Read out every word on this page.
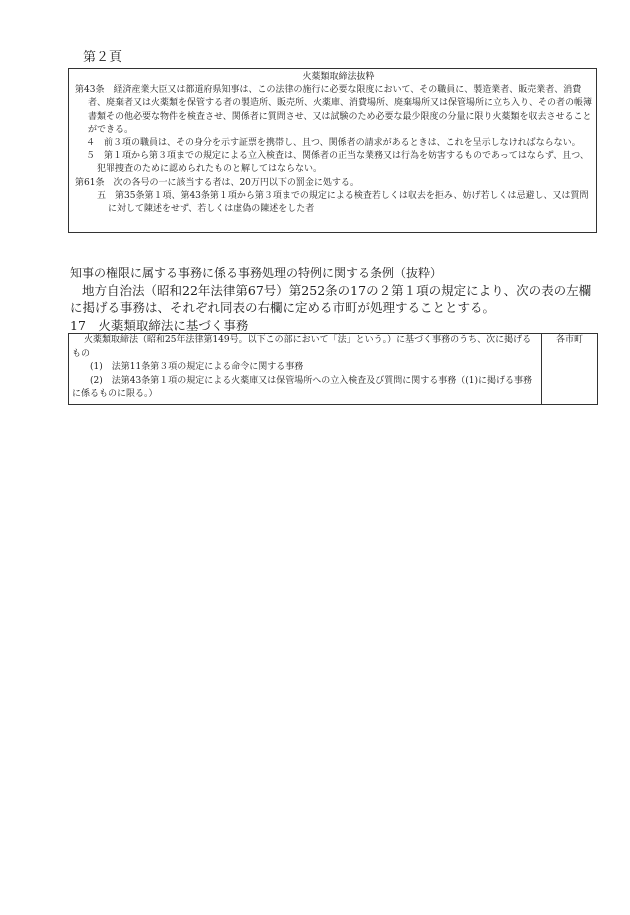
第２頁

火薬類取締法抜粋

第43条　経済産業大臣又は都道府県知事は、この法律の施行に必要な限度において、その職員に、製造業者、販売業者、消費者、廃棄者又は火薬類を保管する者の製造所、販売所、火薬庫、消費場所、廃棄場所又は保管場所に立ち入り、その者の帳簿書類その他必要な物件を検査させ、関係者に質問させ、又は試験のため必要な最少限度の分量に限り火薬類を収去させることができる。

４　前３項の職員は、その身分を示す証票を携帯し、且つ、関係者の請求があるときは、これを呈示しなければならない。

５　第１項から第３項までの規定による立入検査は、関係者の正当な業務又は行為を妨害するものであってはならず、且つ、犯罪捜査のために認められたものと解してはならない。

第61条　次の各号の一に該当する者は、20万円以下の罰金に処する。

五　第35条第１項、第43条第１項から第３項までの規定による検査若しくは収去を拒み、妨げ若しくは忌避し、又は質問に対して陳述をせず、若しくは虚偽の陳述をした者

知事の権限に属する事務に係る事務処理の特例に関する条例（抜粋）

地方自治法（昭和22年法律第67号）第252条の17の２第１項の規定により、次の表の左欄に掲げる事務は、それぞれ同表の右欄に定める市町が処理することとする。

17　火薬類取締法に基づく事務

火薬類取締法（昭和25年法律第149号。以下この部において「法」という。）に基づく事務のうち、次に掲げるもの

(1)　法第11条第３項の規定による命令に関する事務

(2)　法第43条第１項の規定による火薬庫又は保管場所への立入検査及び質問に関する事務（(1)に掲げる事務に係るものに限る。）

各市町
